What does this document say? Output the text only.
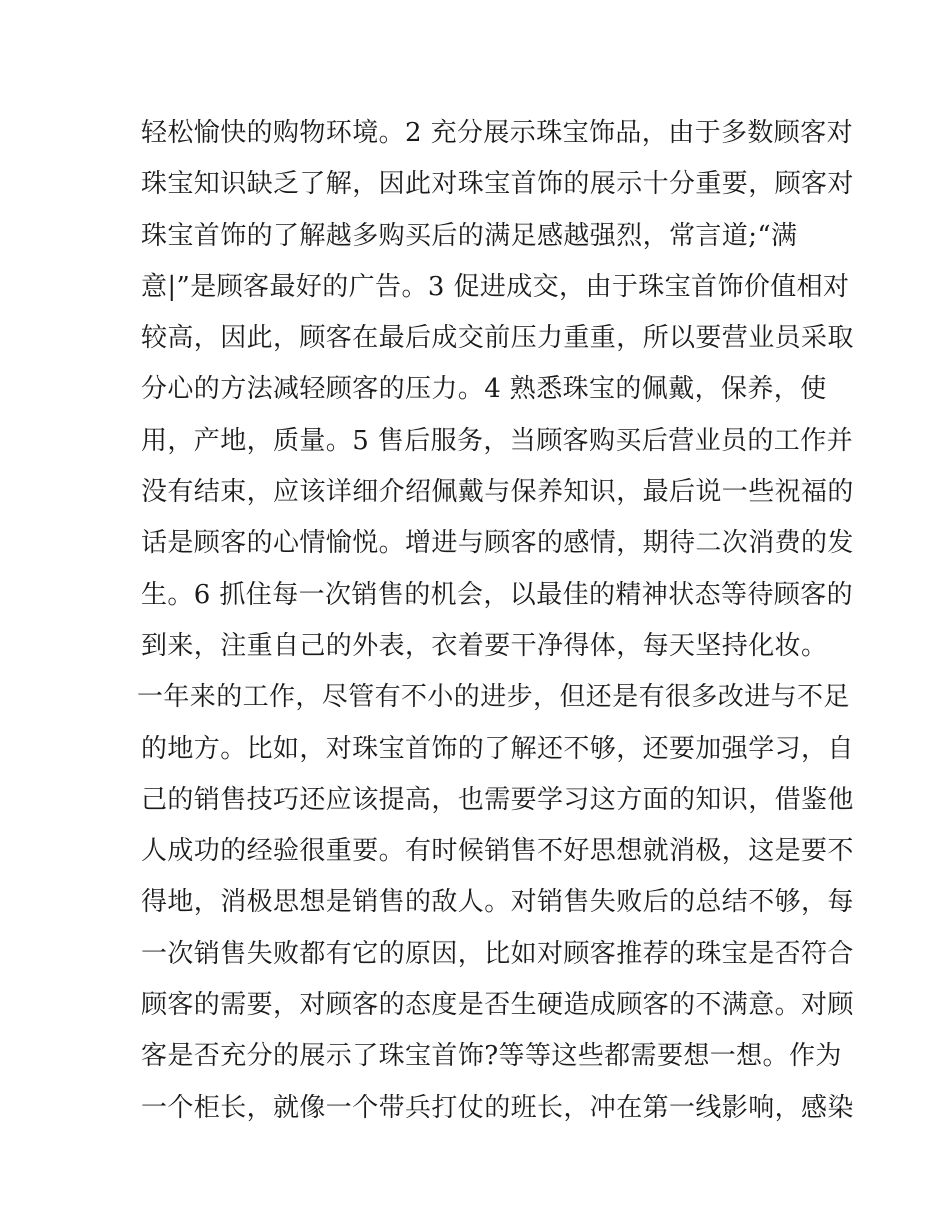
轻松愉快的购物环境。2 充分展示珠宝饰品，由于多数顾客对
珠宝知识缺乏了解，因此对珠宝首饰的展示十分重要，顾客对
珠宝首饰的了解越多购买后的满足感越强烈，常言道;“满
意|”是顾客最好的广告。3 促进成交，由于珠宝首饰价值相对
较高，因此，顾客在最后成交前压力重重，所以要营业员采取
分心的方法减轻顾客的压力。4 熟悉珠宝的佩戴，保养，使
用，产地，质量。5 售后服务，当顾客购买后营业员的工作并
没有结束，应该详细介绍佩戴与保养知识，最后说一些祝福的
话是顾客的心情愉悦。增进与顾客的感情，期待二次消费的发
生。6 抓住每一次销售的机会，以最佳的精神状态等待顾客的
到来，注重自己的外表，衣着要干净得体，每天坚持化妆。
一年来的工作，尽管有不小的进步，但还是有很多改进与不足
的地方。比如，对珠宝首饰的了解还不够，还要加强学习，自
己的销售技巧还应该提高，也需要学习这方面的知识，借鉴他
人成功的经验很重要。有时候销售不好思想就消极，这是要不
得地，消极思想是销售的敌人。对销售失败后的总结不够，每
一次销售失败都有它的原因，比如对顾客推荐的珠宝是否符合
顾客的需要，对顾客的态度是否生硬造成顾客的不满意。对顾
客是否充分的展示了珠宝首饰?等等这些都需要想一想。作为
一个柜长，就像一个带兵打仗的班长，冲在第一线影响，感染
